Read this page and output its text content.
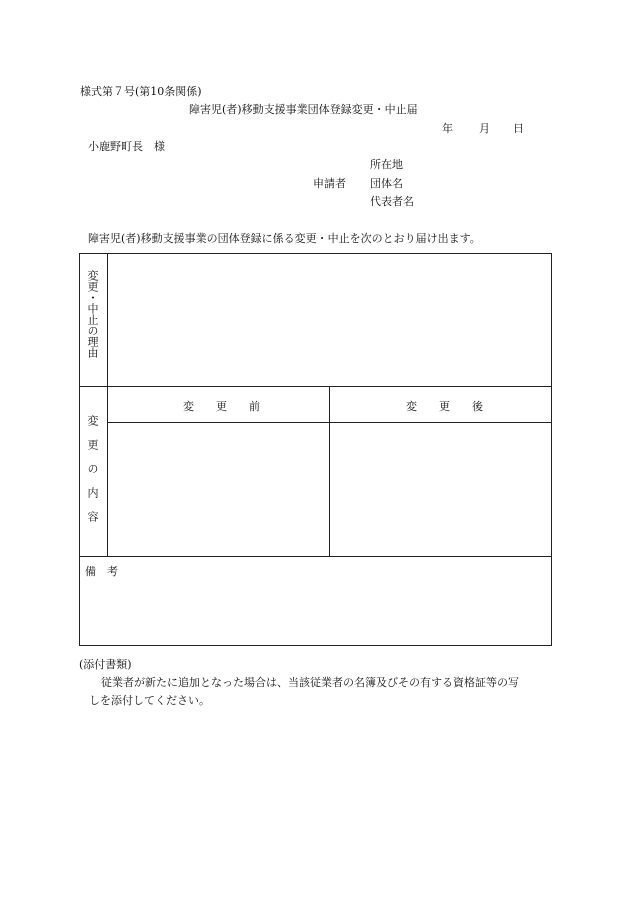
様式第７号(第10条関係)
障害児(者)移動支援事業団体登録変更・中止届
年 月 日
小鹿野町長　様
所在地
申請者 団体名
代表者名
障害児(者)移動支援事業の団体登録に係る変更・中止を次のとおり届け出ます。
変更・中止の理由
変更の内容
変　　更　　前	変　　更　　後
備　考
(添付書類)
従業者が新たに追加となった場合は、当該従業者の名簿及びその有する資格証等の写
しを添付してください。
